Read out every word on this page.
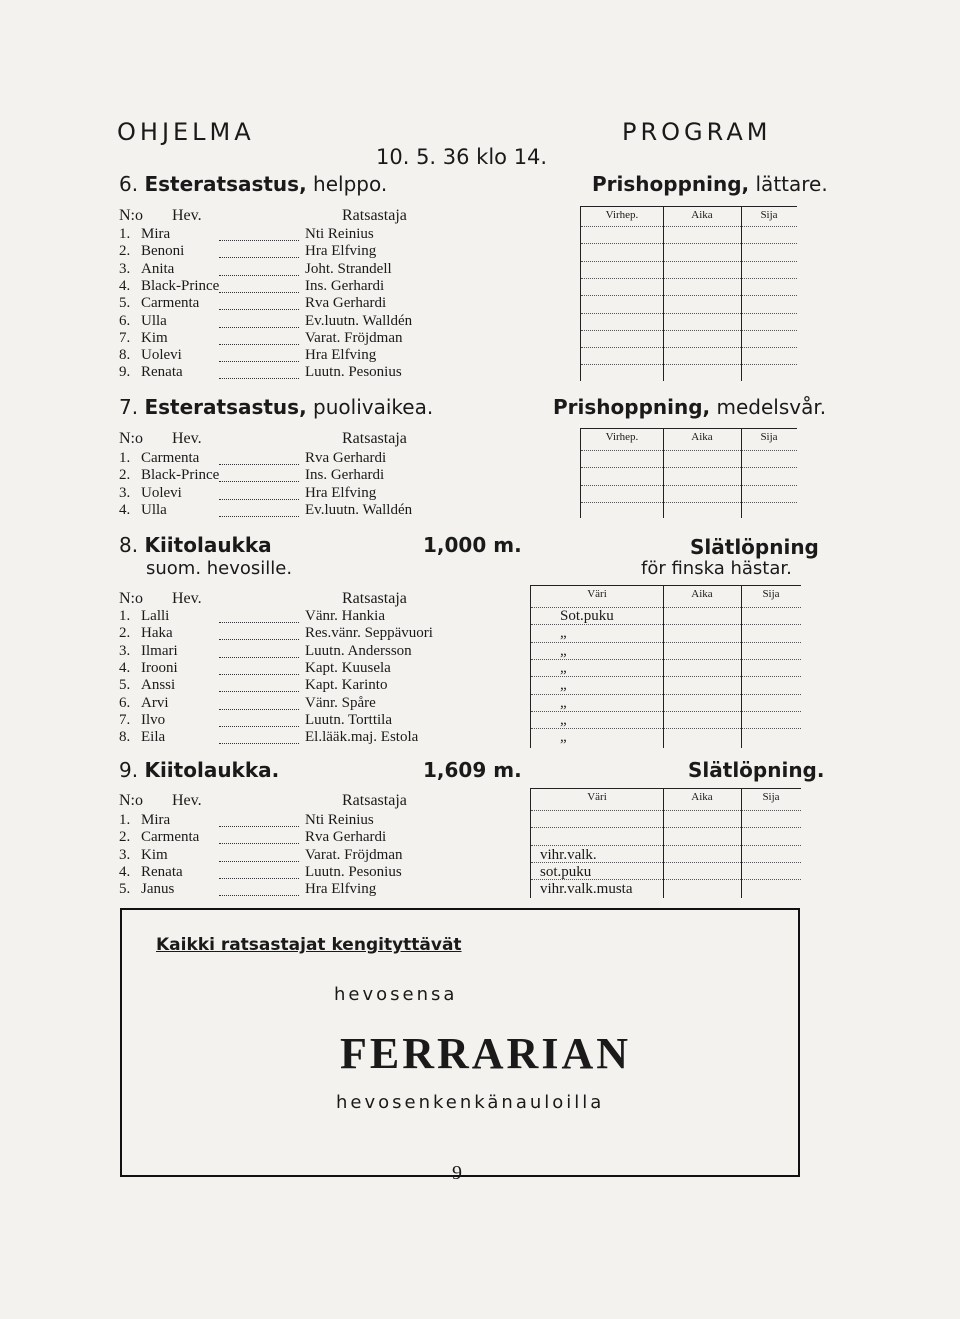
OHJELMA	PROGRAM
10. 5. 36 klo 14.
6. Esteratsastus, helppo.	Prishoppning, lättare.
N:o Hev.	Ratsastaja
1. Mira	Nti Reinius
2. Benoni	Hra Elfving
3. Anita	Joht. Strandell
4. Black-Prince	Ins. Gerhardi
5. Carmenta	Rva Gerhardi
6. Ulla	Ev.luutn. Walldén
7. Kim	Varat. Fröjdman
8. Uolevi	Hra Elfving
9. Renata	Luutn. Pesonius
Virhep.	Aika	Sija
7. Esteratsastus, puolivaikea.	Prishoppning, medelsvår.
N:o Hev.	Ratsastaja
1. Carmenta	Rva Gerhardi
2. Black-Prince	Ins. Gerhardi
3. Uolevi	Hra Elfving
4. Ulla	Ev.luutn. Walldén
Virhep.	Aika	Sija
8. Kiitolaukka	1,000 m.	Slätlöpning
suom. hevosille.	för finska hästar.
N:o Hev.	Ratsastaja
1. Lalli	Vänr. Hankia	Sot.puku
2. Haka	Res.vänr. Seppävuori	„
3. Ilmari	Luutn. Andersson	„
4. Irooni	Kapt. Kuusela	„
5. Anssi	Kapt. Karinto	„
6. Arvi	Vänr. Spåre	„
7. Ilvo	Luutn. Torttila	„
8. Eila	El.lääk.maj. Estola	„
Väri	Aika	Sija
9. Kiitolaukka.	1,609 m.	Slätlöpning.
N:o Hev.	Ratsastaja
1. Mira	Nti Reinius
2. Carmenta	Rva Gerhardi
3. Kim	Varat. Fröjdman	vihr.valk.
4. Renata	Luutn. Pesonius	sot.puku
5. Janus	Hra Elfving	vihr.valk.musta
Väri	Aika	Sija
Kaikki ratsastajat kengityttävät
hevosensa
FERRARIAN
hevosenkenkänauloilla
9
